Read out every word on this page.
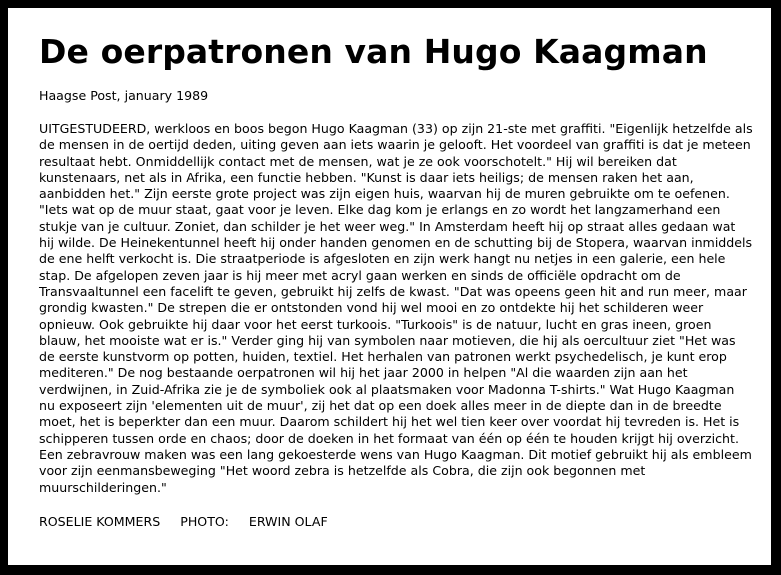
De oerpatronen van Hugo Kaagman

Haagse Post, january 1989

UITGESTUDEERD, werkloos en boos begon Hugo Kaagman (33) op zijn 21-ste met graffiti. "Eigenlijk hetzelfde als de mensen in de oertijd deden, uiting geven aan iets waarin je gelooft. Het voordeel van graffiti is dat je meteen resultaat hebt. Onmiddellijk contact met de mensen, wat je ze ook voorschotelt." Hij wil bereiken dat kunstenaars, net als in Afrika, een functie hebben. "Kunst is daar iets heiligs; de mensen raken het aan, aanbidden het." Zijn eerste grote project was zijn eigen huis, waarvan hij de muren gebruikte om te oefenen. "Iets wat op de muur staat, gaat voor je leven. Elke dag kom je erlangs en zo wordt het langzamerhand een stukje van je cultuur. Zoniet, dan schilder je het weer weg." In Amsterdam heeft hij op straat alles gedaan wat hij wilde. De Heinekentunnel heeft hij onder handen genomen en de schutting bij de Stopera, waarvan inmiddels de ene helft verkocht is. Die straatperiode is afgesloten en zijn werk hangt nu netjes in een galerie, een hele stap. De afgelopen zeven jaar is hij meer met acryl gaan werken en sinds de officiële opdracht om de Transvaaltunnel een facelift te geven, gebruikt hij zelfs de kwast. "Dat was opeens geen hit and run meer, maar grondig kwasten." De strepen die er ontstonden vond hij wel mooi en zo ontdekte hij het schilderen weer opnieuw. Ook gebruikte hij daar voor het eerst turkoois. "Turkoois" is de natuur, lucht en gras ineen, groen blauw, het mooiste wat er is." Verder ging hij van symbolen naar motieven, die hij als oercultuur ziet "Het was de eerste kunstvorm op potten, huiden, textiel. Het herhalen van patronen werkt psychedelisch, je kunt erop mediteren." De nog bestaande oerpatronen wil hij het jaar 2000 in helpen "Al die waarden zijn aan het verdwijnen, in Zuid-Afrika zie je de symboliek ook al plaatsmaken voor Madonna T-shirts." Wat Hugo Kaagman nu exposeert zijn 'elementen uit de muur', zij het dat op een doek alles meer in de diepte dan in de breedte moet, het is beperkter dan een muur. Daarom schildert hij het wel tien keer over voordat hij tevreden is. Het is schipperen tussen orde en chaos; door de doeken in het formaat van één op één te houden krijgt hij overzicht. Een zebravrouw maken was een lang gekoesterde wens van Hugo Kaagman. Dit motief gebruikt hij als embleem voor zijn eenmansbeweging "Het woord zebra is hetzelfde als Cobra, die zijn ook begonnen met muurschilderingen."

ROSELIE KOMMERS     PHOTO:     ERWIN OLAF
